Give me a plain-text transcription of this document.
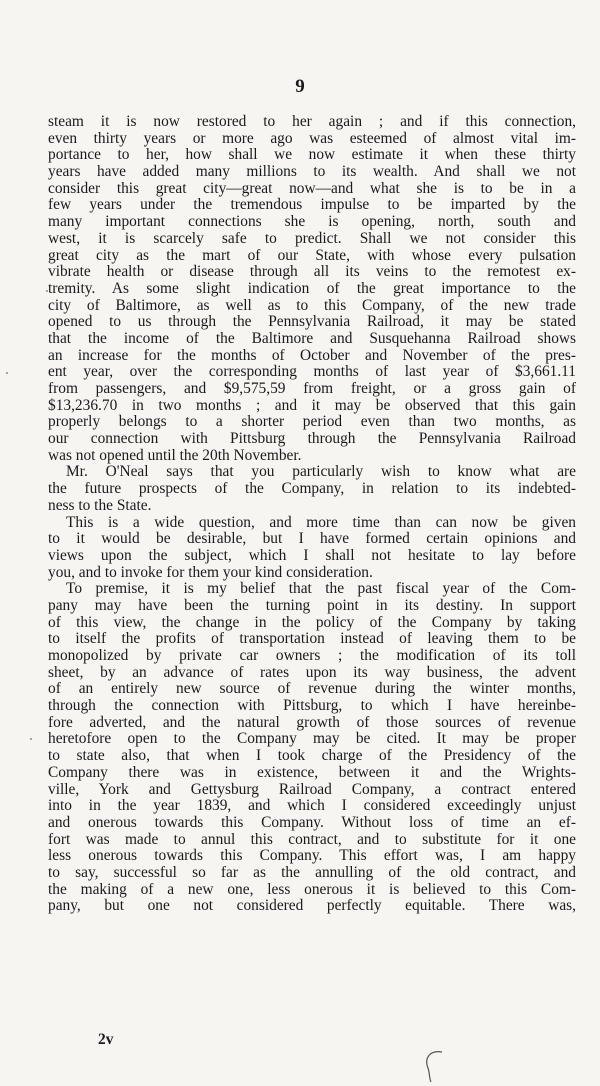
9
steam it is now restored to her again ; and if this connection,
even thirty years or more ago was esteemed of almost vital im-
portance to her, how shall we now estimate it when these thirty
years have added many millions to its wealth. And shall we not
consider this great city—great now—and what she is to be in a
few years under the tremendous impulse to be imparted by the
many important connections she is opening, north, south and
west, it is scarcely safe to predict. Shall we not consider this
great city as the mart of our State, with whose every pulsation
vibrate health or disease through all its veins to the remotest ex-
tremity. As some slight indication of the great importance to the
city of Baltimore, as well as to this Company, of the new trade
opened to us through the Pennsylvania Railroad, it may be stated
that the income of the Baltimore and Susquehanna Railroad shows
an increase for the months of October and November of the pres-
ent year, over the corresponding months of last year of $3,661.11
from passengers, and $9,575,59 from freight, or a gross gain of
$13,236.70 in two months ; and it may be observed that this gain
properly belongs to a shorter period even than two months, as
our connection with Pittsburg through the Pennsylvania Railroad
was not opened until the 20th November.
Mr. O'Neal says that you particularly wish to know what are
the future prospects of the Company, in relation to its indebted-
ness to the State.
This is a wide question, and more time than can now be given
to it would be desirable, but I have formed certain opinions and
views upon the subject, which I shall not hesitate to lay before
you, and to invoke for them your kind consideration.
To premise, it is my belief that the past fiscal year of the Com-
pany may have been the turning point in its destiny. In support
of this view, the change in the policy of the Company by taking
to itself the profits of transportation instead of leaving them to be
monopolized by private car owners ; the modification of its toll
sheet, by an advance of rates upon its way business, the advent
of an entirely new source of revenue during the winter months,
through the connection with Pittsburg, to which I have hereinbe-
fore adverted, and the natural growth of those sources of revenue
heretofore open to the Company may be cited. It may be proper
to state also, that when I took charge of the Presidency of the
Company there was in existence, between it and the Wrights-
ville, York and Gettysburg Railroad Company, a contract entered
into in the year 1839, and which I considered exceedingly unjust
and onerous towards this Company. Without loss of time an ef-
fort was made to annul this contract, and to substitute for it one
less onerous towards this Company. This effort was, I am happy
to say, successful so far as the annulling of the old contract, and
the making of a new one, less onerous it is believed to this Com-
pany, but one not considered perfectly equitable. There was,
2v
